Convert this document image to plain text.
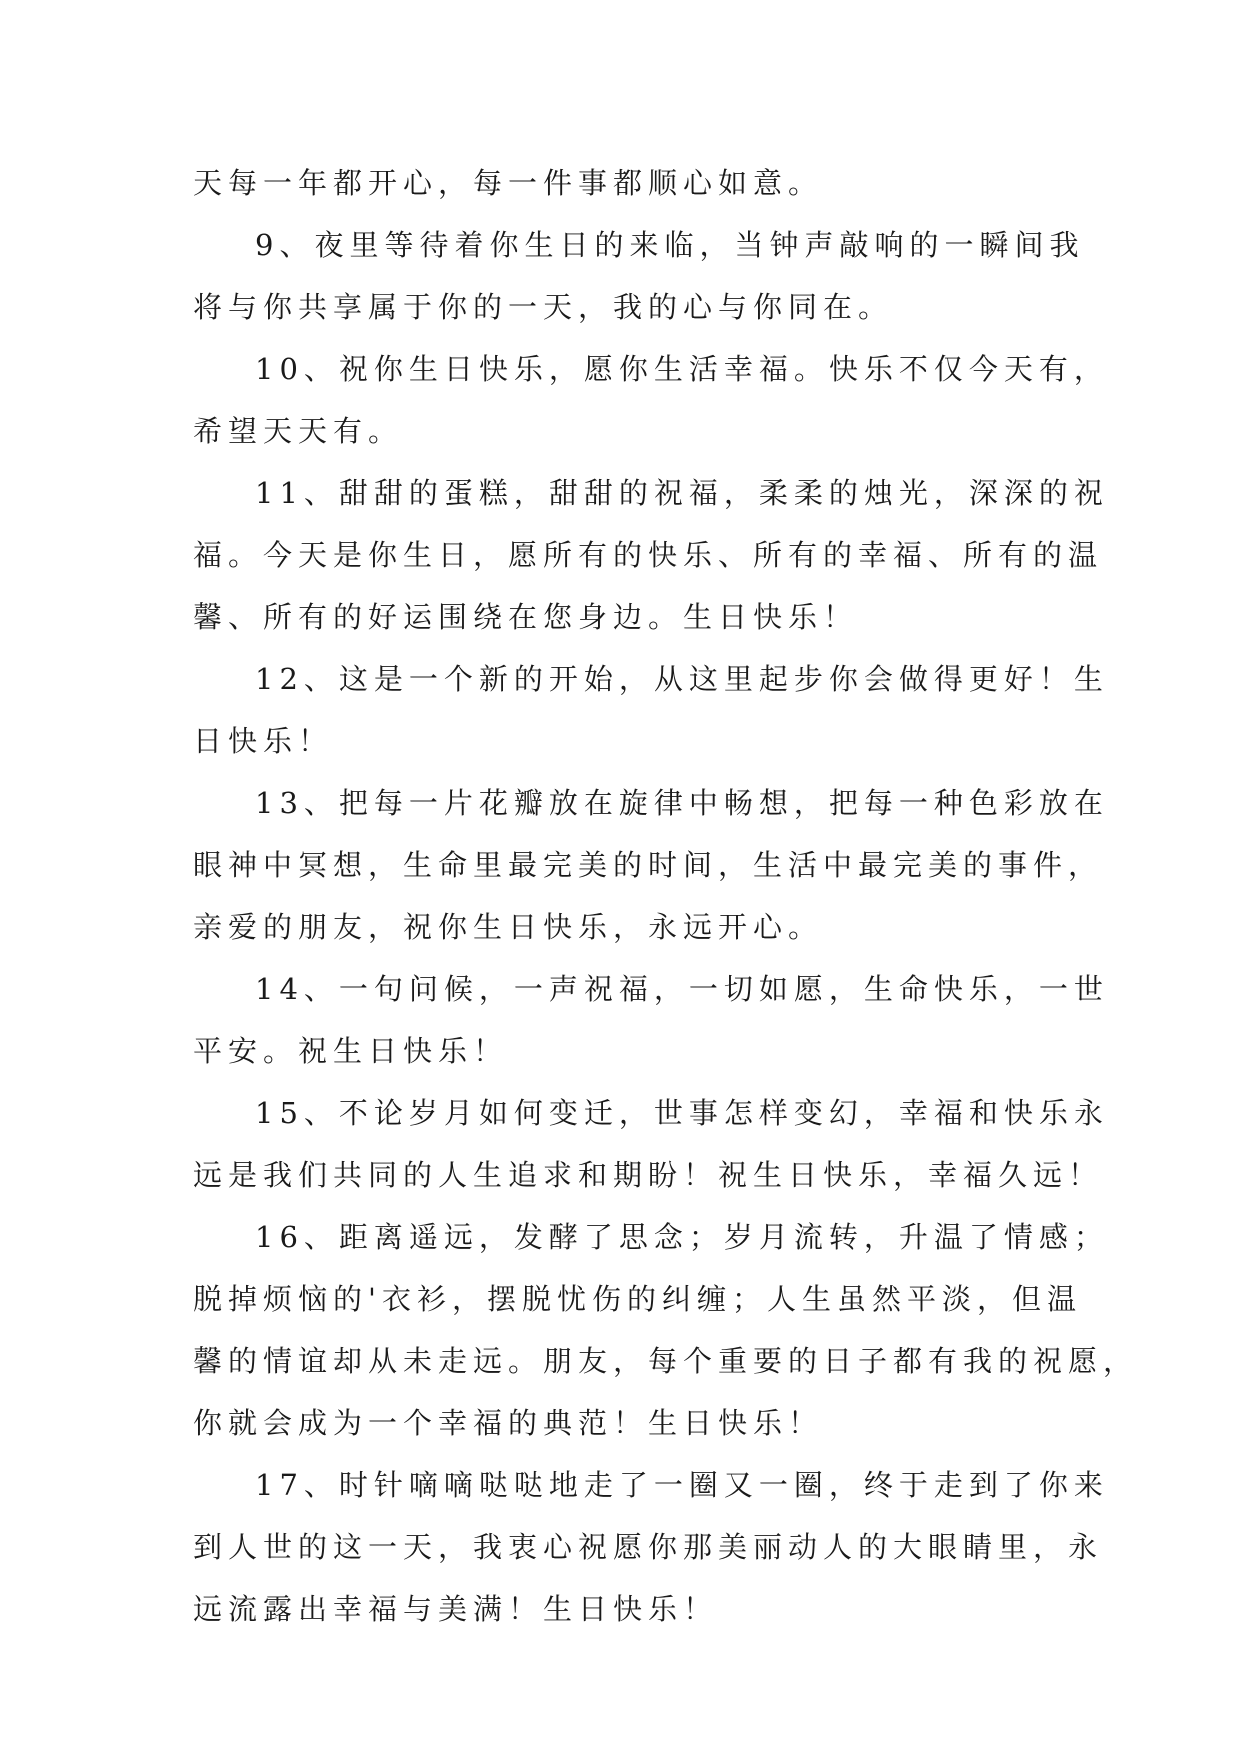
天每一年都开心，每一件事都顺心如意。
9、夜里等待着你生日的来临，当钟声敲响的一瞬间我
将与你共享属于你的一天，我的心与你同在。
10、祝你生日快乐，愿你生活幸福。快乐不仅今天有，
希望天天有。
11、甜甜的蛋糕，甜甜的祝福，柔柔的烛光，深深的祝
福。今天是你生日，愿所有的快乐、所有的幸福、所有的温
馨、所有的好运围绕在您身边。生日快乐！
12、这是一个新的开始，从这里起步你会做得更好！生
日快乐！
13、把每一片花瓣放在旋律中畅想，把每一种色彩放在
眼神中冥想，生命里最完美的时间，生活中最完美的事件，
亲爱的朋友，祝你生日快乐，永远开心。
14、一句问候，一声祝福，一切如愿，生命快乐，一世
平安。祝生日快乐！
15、不论岁月如何变迁，世事怎样变幻，幸福和快乐永
远是我们共同的人生追求和期盼！祝生日快乐，幸福久远！
16、距离遥远，发酵了思念；岁月流转，升温了情感；
脱掉烦恼的'衣衫，摆脱忧伤的纠缠；人生虽然平淡，但温
馨的情谊却从未走远。朋友，每个重要的日子都有我的祝愿，
你就会成为一个幸福的典范！生日快乐！
17、时针嘀嘀哒哒地走了一圈又一圈，终于走到了你来
到人世的这一天，我衷心祝愿你那美丽动人的大眼睛里，永
远流露出幸福与美满！生日快乐！
